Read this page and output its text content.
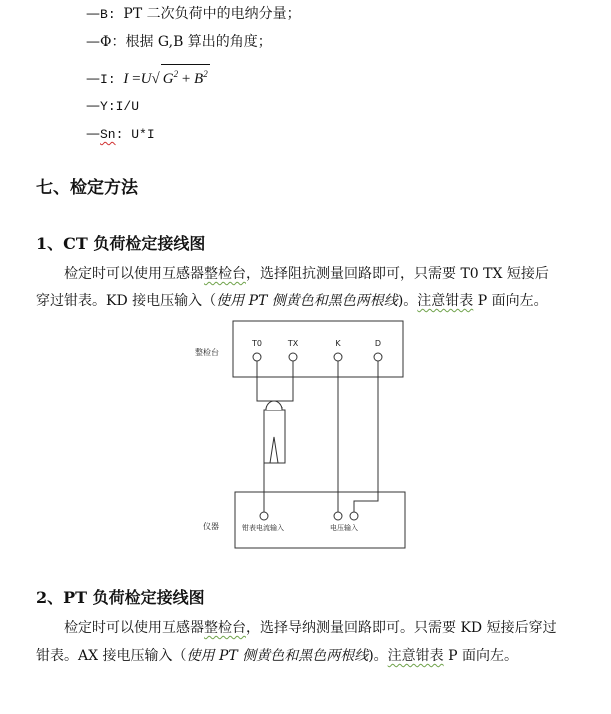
—B: PT 二次负荷中的电纳分量；
—Φ：根据 G,B 算出的角度；
—I: I =U√ $G^2 + B^2$
—Y:I/U
—Sn: U*I
七、检定方法
1、CT 负荷检定接线图
检定时可以使用互感器整检台，选择阻抗测量回路即可，只需要 T0 TX 短接后
穿过钳表。KD 接电压输入（使用 PT 侧黄色和黑色两根线)。注意钳表 P 面向左。
整检台
T0	TX	K	D
仪器	钳表电流输入	电压输入
2、PT 负荷检定接线图
检定时可以使用互感器整检台，选择导纳测量回路即可。只需要 KD 短接后穿过
钳表。AX 接电压输入（使用 PT 侧黄色和黑色两根线)。注意钳表 P 面向左。
